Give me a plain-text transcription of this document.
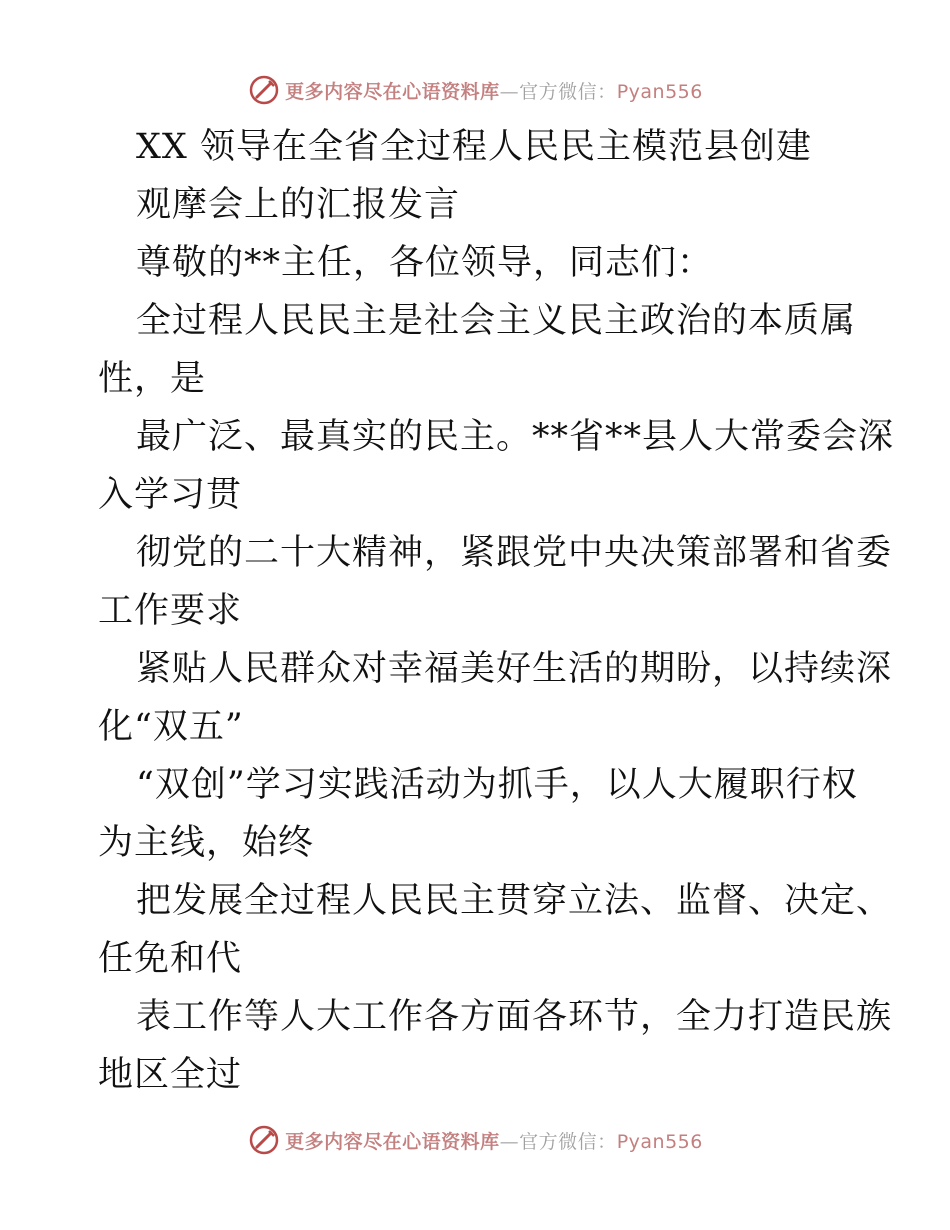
更多内容尽在心语资料库—官方微信：Pyan556
XX 领导在全省全过程人民民主模范县创建
观摩会上的汇报发言
尊敬的**主任，各位领导，同志们：
全过程人民民主是社会主义民主政治的本质属
性，是
最广泛、最真实的民主。**省**县人大常委会深
入学习贯
彻党的二十大精神，紧跟党中央决策部署和省委
工作要求
紧贴人民群众对幸福美好生活的期盼，以持续深
化“双五”
“双创”学习实践活动为抓手，以人大履职行权
为主线，始终
把发展全过程人民民主贯穿立法、监督、决定、
任免和代
表工作等人大工作各方面各环节，全力打造民族
地区全过
更多内容尽在心语资料库—官方微信：Pyan556
